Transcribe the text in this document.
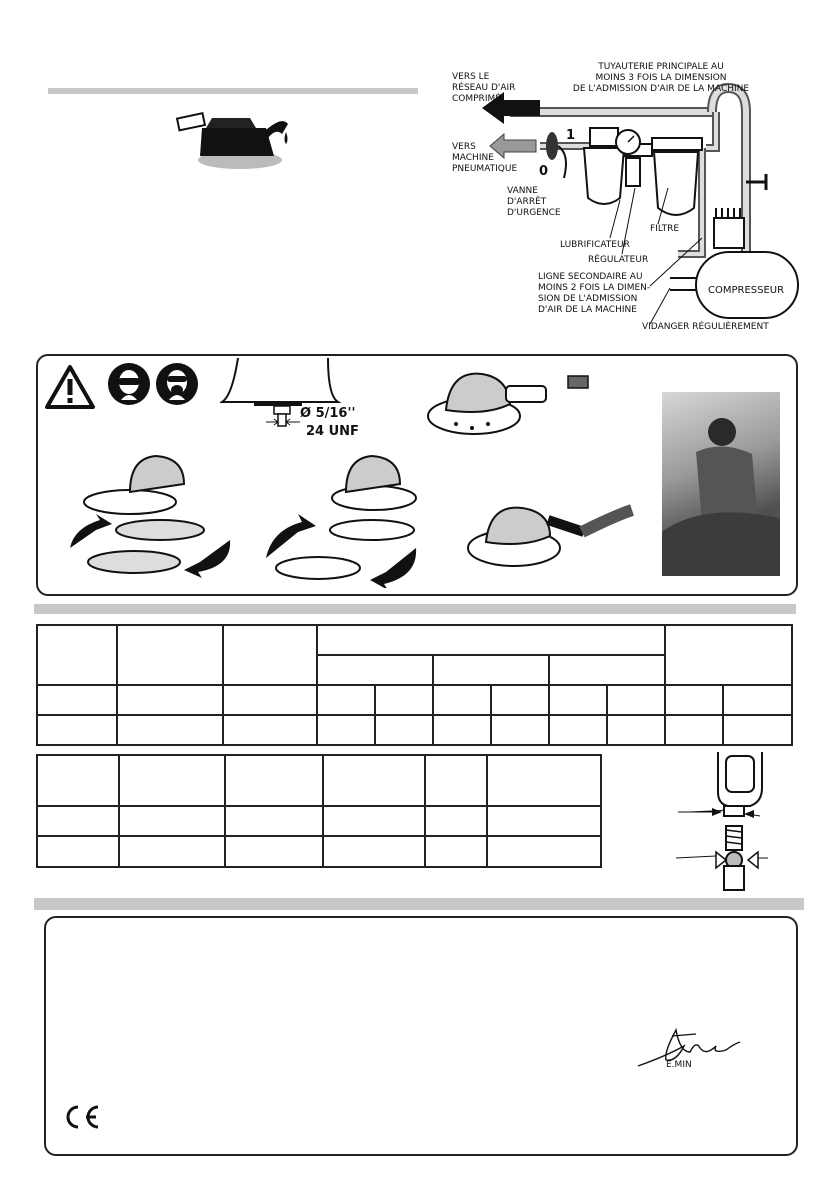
TUYAUTERIE PRINCIPALE AU
MOINS 3 FOIS LA DIMENSION
DE L'ADMISSION D'AIR DE LA MACHINE
VERS LE
RÉSEAU D'AIR
COMPRIMÉ
VERS
MACHINE
PNEUMATIQUE
1
0
VANNE
D'ARRÊT
D'URGENCE
FILTRE
LUBRIFICATEUR
RÉGULATEUR
LIGNE SECONDAIRE AU
MOINS 2 FOIS LA DIMEN-
SION DE L'ADMISSION
D'AIR DE LA MACHINE
COMPRESSEUR
VIDANGER RÉGULIÈREMENT
Ø 5/16''
24 UNF

E.MIN
